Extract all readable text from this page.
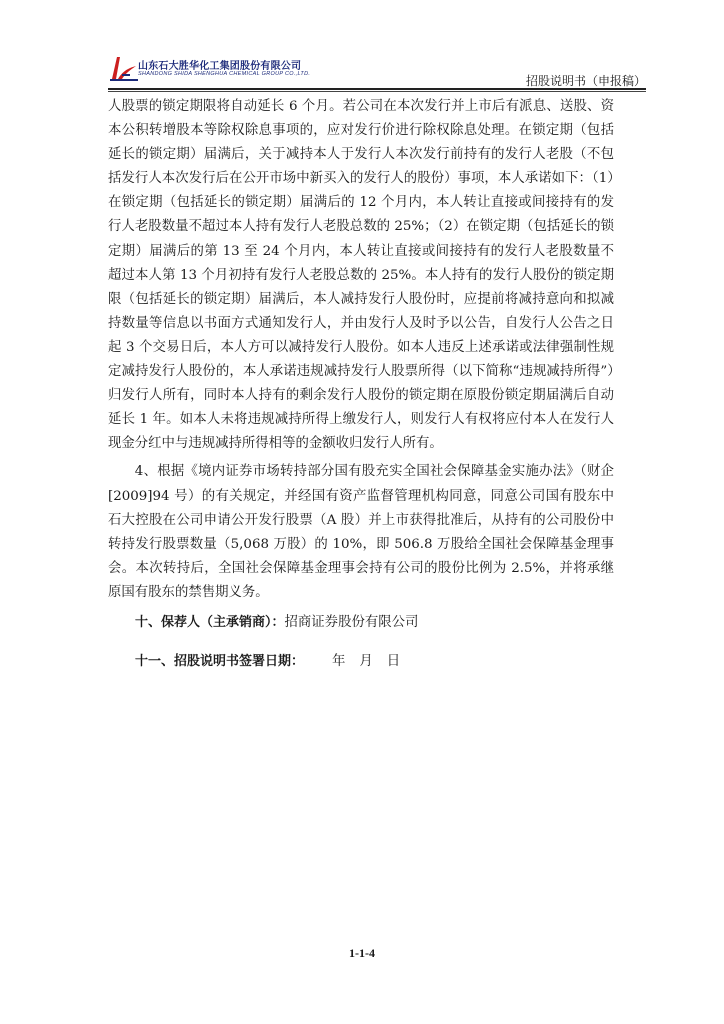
山东石大胜华化工集团股份有限公司
SHANDONG SHIDA SHENGHUA CHEMICAL GROUP CO.,LTD.	招股说明书（申报稿）

人股票的锁定期限将自动延长 6 个月。若公司在本次发行并上市后有派息、送股、资本公积转增股本等除权除息事项的，应对发行价进行除权除息处理。在锁定期（包括延长的锁定期）届满后，关于减持本人于发行人本次发行前持有的发行人老股（不包括发行人本次发行后在公开市场中新买入的发行人的股份）事项，本人承诺如下：（1）在锁定期（包括延长的锁定期）届满后的 12 个月内，本人转让直接或间接持有的发行人老股数量不超过本人持有发行人老股总数的 25%；（2）在锁定期（包括延长的锁定期）届满后的第 13 至 24 个月内，本人转让直接或间接持有的发行人老股数量不超过本人第 13 个月初持有发行人老股总数的 25%。本人持有的发行人股份的锁定期限（包括延长的锁定期）届满后，本人减持发行人股份时，应提前将减持意向和拟减持数量等信息以书面方式通知发行人，并由发行人及时予以公告，自发行人公告之日起 3 个交易日后，本人方可以减持发行人股份。如本人违反上述承诺或法律强制性规定减持发行人股份的，本人承诺违规减持发行人股票所得（以下简称“违规减持所得”）归发行人所有，同时本人持有的剩余发行人股份的锁定期在原股份锁定期届满后自动延长 1 年。如本人未将违规减持所得上缴发行人，则发行人有权将应付本人在发行人现金分红中与违规减持所得相等的金额收归发行人所有。

4、根据《境内证券市场转持部分国有股充实全国社会保障基金实施办法》（财企[2009]94 号）的有关规定，并经国有资产监督管理机构同意，同意公司国有股东中石大控股在公司申请公开发行股票（A 股）并上市获得批准后，从持有的公司股份中转持发行股票数量（5,068 万股）的 10%，即 506.8 万股给全国社会保障基金理事会。本次转持后，全国社会保障基金理事会持有公司的股份比例为 2.5%，并将承继原国有股东的禁售期义务。

十、保荐人（主承销商）：招商证券股份有限公司

十一、招股说明书签署日期： 年 月 日

1-1-4
